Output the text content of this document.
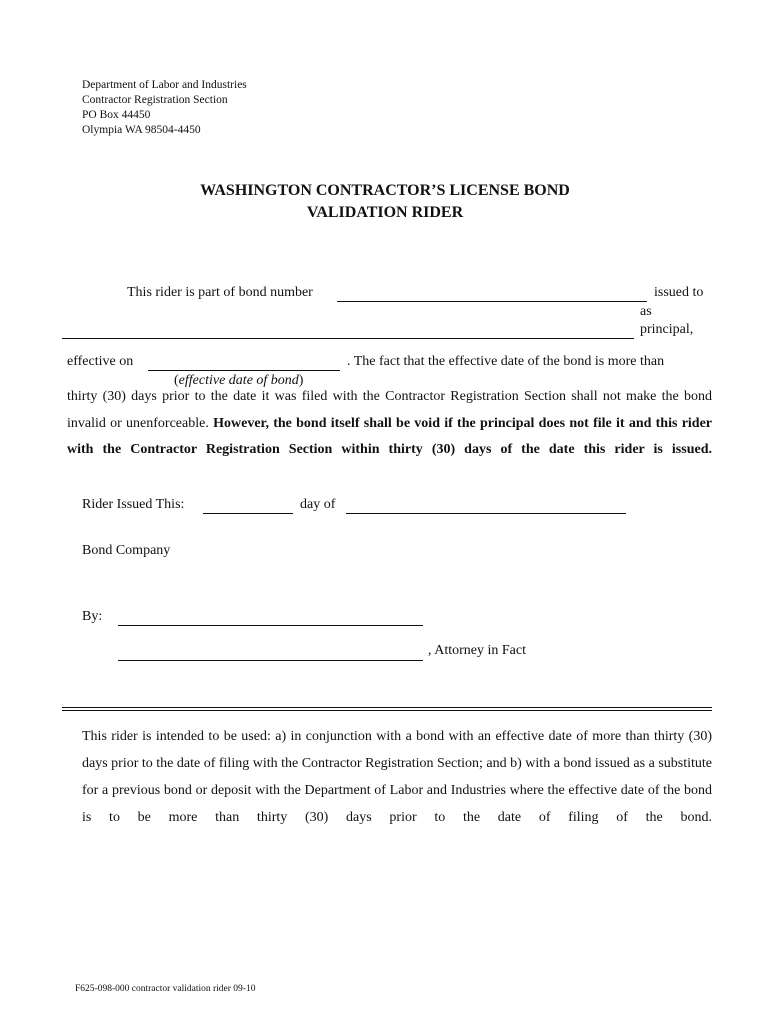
Department of Labor and Industries
Contractor Registration Section
PO Box 44450
Olympia WA 98504-4450
WASHINGTON CONTRACTOR’S LICENSE BOND
VALIDATION RIDER
This rider is part of bond number	issued to
as
principal,
effective on	. The fact that the effective date of the bond is more than
(effective date of bond)
thirty (30) days prior to the date it was filed with the Contractor Registration Section shall not make the bond invalid or unenforceable. However, the bond itself shall be void if the principal does not file it and this rider with the Contractor Registration Section within thirty (30) days of the date this rider is issued.
Rider Issued This:	day of
Bond Company
By:
, Attorney in Fact
This rider is intended to be used: a) in conjunction with a bond with an effective date of more than thirty (30) days prior to the date of filing with the Contractor Registration Section; and b) with a bond issued as a substitute for a previous bond or deposit with the Department of Labor and Industries where the effective date of the bond is to be more than thirty (30) days prior to the date of filing of the bond.
F625-098-000 contractor validation rider 09-10
